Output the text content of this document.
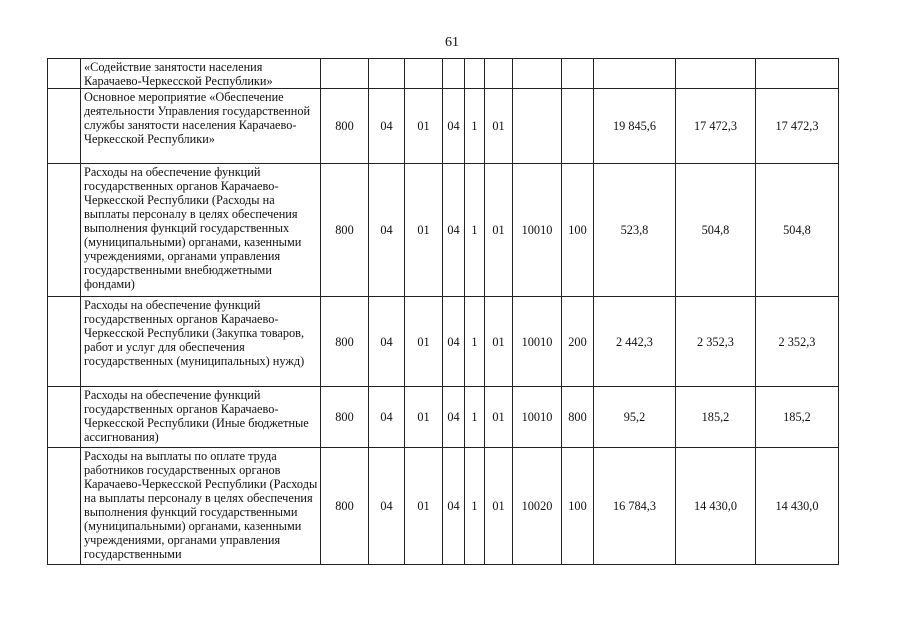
61
	«Содействие занятости населения Карачаево-Черкесской Республики»											
	Основное мероприятие «Обеспечение деятельности Управления государственной службы занятости населения Карачаево-Черкесской Республики»	800	04	01	04	1	01			19 845,6	17 472,3	17 472,3
	Расходы на обеспечение функций государственных органов Карачаево-Черкесской Республики (Расходы на выплаты персоналу в целях обеспечения выполнения функций государственных (муниципальными) органами, казенными учреждениями, органами управления государственными внебюджетными фондами)	800	04	01	04	1	01	10010	100	523,8	504,8	504,8
	Расходы на обеспечение функций государственных органов Карачаево-Черкесской Республики (Закупка товаров, работ и услуг для обеспечения государственных (муниципальных) нужд)	800	04	01	04	1	01	10010	200	2 442,3	2 352,3	2 352,3
	Расходы на обеспечение функций государственных органов Карачаево-Черкесской Республики (Иные бюджетные ассигнования)	800	04	01	04	1	01	10010	800	95,2	185,2	185,2
	Расходы на выплаты по оплате труда работников государственных органов Карачаево-Черкесской Республики (Расходы на выплаты персоналу в целях обеспечения выполнения функций государственными (муниципальными) органами, казенными учреждениями, органами управления государственными	800	04	01	04	1	01	10020	100	16 784,3	14 430,0	14 430,0
